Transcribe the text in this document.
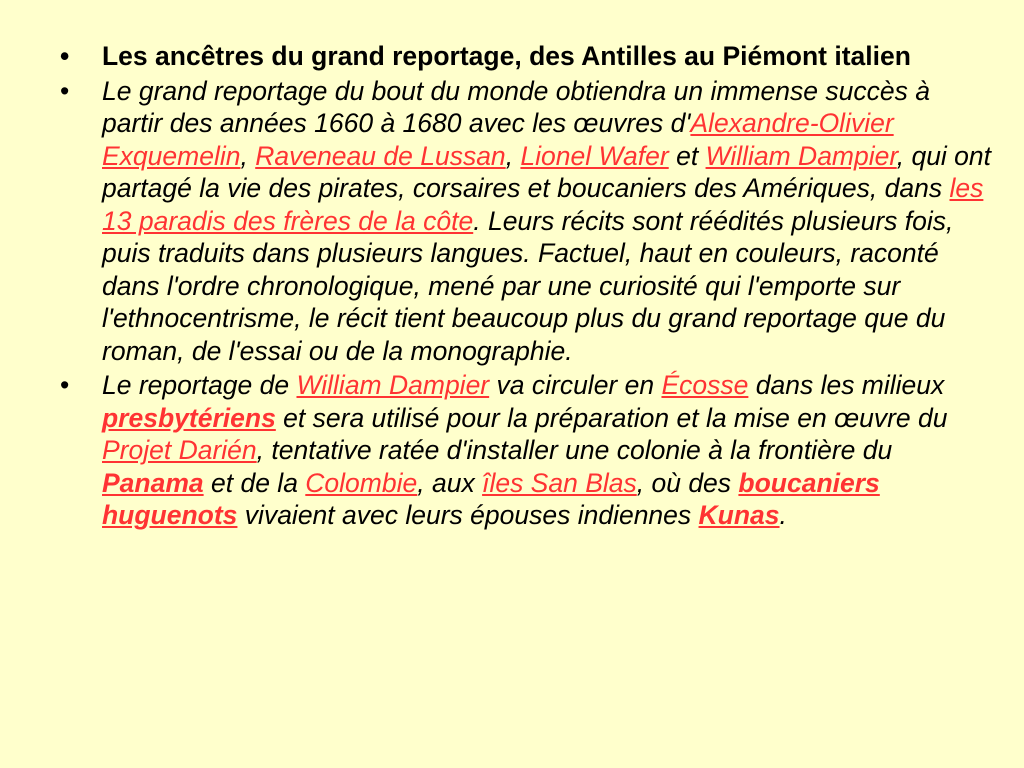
• Les ancêtres du grand reportage, des Antilles au Piémont italien
• Le grand reportage du bout du monde obtiendra un immense succès à partir des années 1660 à 1680 avec les œuvres d'Alexandre-Olivier Exquemelin, Raveneau de Lussan, Lionel Wafer et William Dampier, qui ont partagé la vie des pirates, corsaires et boucaniers des Amériques, dans les 13 paradis des frères de la côte. Leurs récits sont réédités plusieurs fois, puis traduits dans plusieurs langues. Factuel, haut en couleurs, raconté dans l'ordre chronologique, mené par une curiosité qui l'emporte sur l'ethnocentrisme, le récit tient beaucoup plus du grand reportage que du roman, de l'essai ou de la monographie.
• Le reportage de William Dampier va circuler en Écosse dans les milieux presbytériens et sera utilisé pour la préparation et la mise en œuvre du Projet Darién, tentative ratée d'installer une colonie à la frontière du Panama et de la Colombie, aux îles San Blas, où des boucaniers huguenots vivaient avec leurs épouses indiennes Kunas.
